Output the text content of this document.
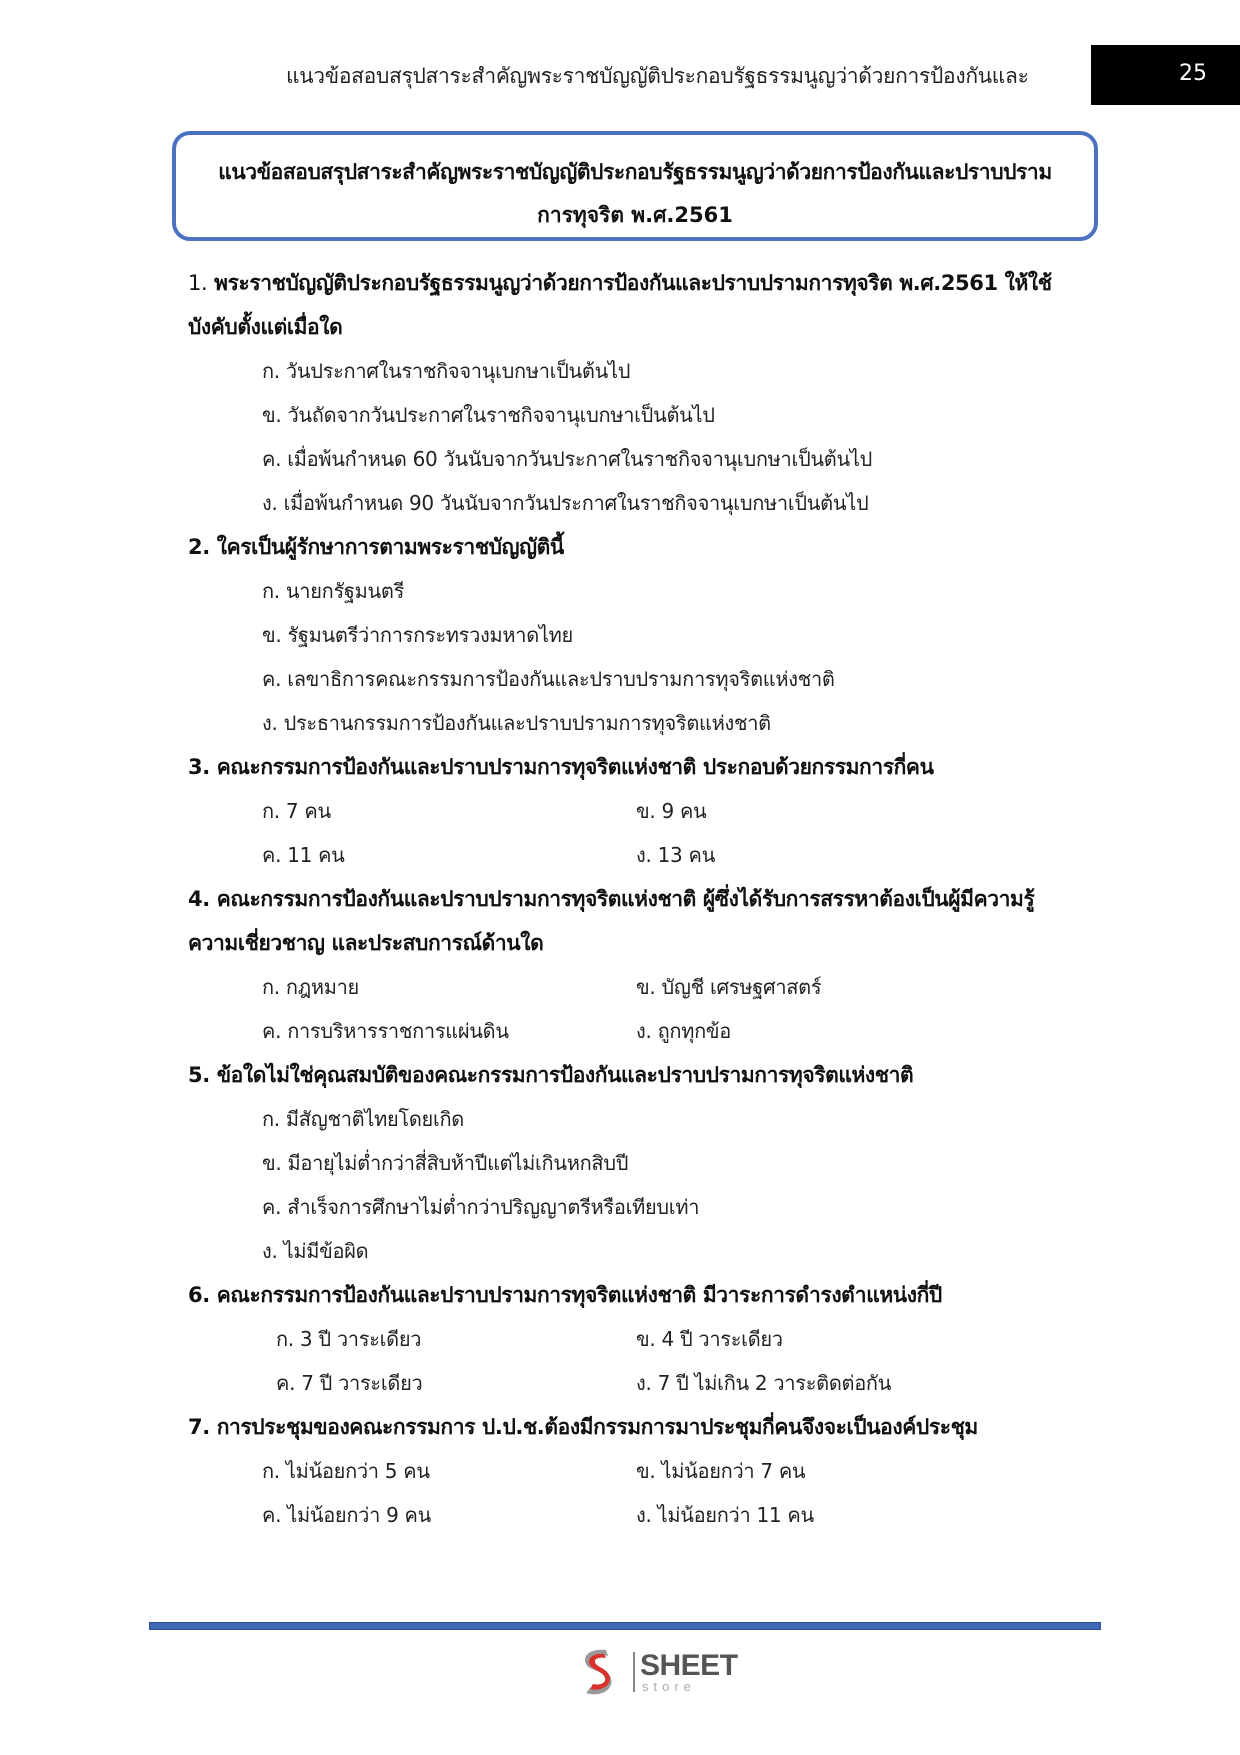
แนวข้อสอบสรุปสาระสำคัญพระราชบัญญัติประกอบรัฐธรรมนูญว่าด้วยการป้องกันและ	25
แนวข้อสอบสรุปสาระสำคัญพระราชบัญญัติประกอบรัฐธรรมนูญว่าด้วยการป้องกันและปราบปราม
การทุจริต พ.ศ.2561
1. พระราชบัญญัติประกอบรัฐธรรมนูญว่าด้วยการป้องกันและปราบปรามการทุจริต พ.ศ.2561 ให้ใช้
บังคับตั้งแต่เมื่อใด
ก. วันประกาศในราชกิจจานุเบกษาเป็นต้นไป
ข. วันถัดจากวันประกาศในราชกิจจานุเบกษาเป็นต้นไป
ค. เมื่อพ้นกำหนด 60 วันนับจากวันประกาศในราชกิจจานุเบกษาเป็นต้นไป
ง. เมื่อพ้นกำหนด 90 วันนับจากวันประกาศในราชกิจจานุเบกษาเป็นต้นไป
2. ใครเป็นผู้รักษาการตามพระราชบัญญัตินี้
ก. นายกรัฐมนตรี
ข. รัฐมนตรีว่าการกระทรวงมหาดไทย
ค. เลขาธิการคณะกรรมการป้องกันและปราบปรามการทุจริตแห่งชาติ
ง. ประธานกรรมการป้องกันและปราบปรามการทุจริตแห่งชาติ
3. คณะกรรมการป้องกันและปราบปรามการทุจริตแห่งชาติ ประกอบด้วยกรรมการกี่คน
ก. 7 คน	ข. 9 คน
ค. 11 คน	ง. 13 คน
4. คณะกรรมการป้องกันและปราบปรามการทุจริตแห่งชาติ ผู้ซึ่งได้รับการสรรหาต้องเป็นผู้มีความรู้
ความเชี่ยวชาญ และประสบการณ์ด้านใด
ก. กฎหมาย	ข. บัญชี เศรษฐศาสตร์
ค. การบริหารราชการแผ่นดิน	ง. ถูกทุกข้อ
5. ข้อใดไม่ใช่คุณสมบัติของคณะกรรมการป้องกันและปราบปรามการทุจริตแห่งชาติ
ก. มีสัญชาติไทยโดยเกิด
ข. มีอายุไม่ต่ำกว่าสี่สิบห้าปีแต่ไม่เกินหกสิบปี
ค. สำเร็จการศึกษาไม่ต่ำกว่าปริญญาตรีหรือเทียบเท่า
ง. ไม่มีข้อผิด
6. คณะกรรมการป้องกันและปราบปรามการทุจริตแห่งชาติ มีวาระการดำรงตำแหน่งกี่ปี
ก. 3 ปี วาระเดียว	ข. 4 ปี วาระเดียว
ค. 7 ปี วาระเดียว	ง. 7 ปี ไม่เกิน 2 วาระติดต่อกัน
7. การประชุมของคณะกรรมการ ป.ป.ช.ต้องมีกรรมการมาประชุมกี่คนจึงจะเป็นองค์ประชุม
ก. ไม่น้อยกว่า 5 คน	ข. ไม่น้อยกว่า 7 คน
ค. ไม่น้อยกว่า 9 คน	ง. ไม่น้อยกว่า 11 คน
SHEET
store
